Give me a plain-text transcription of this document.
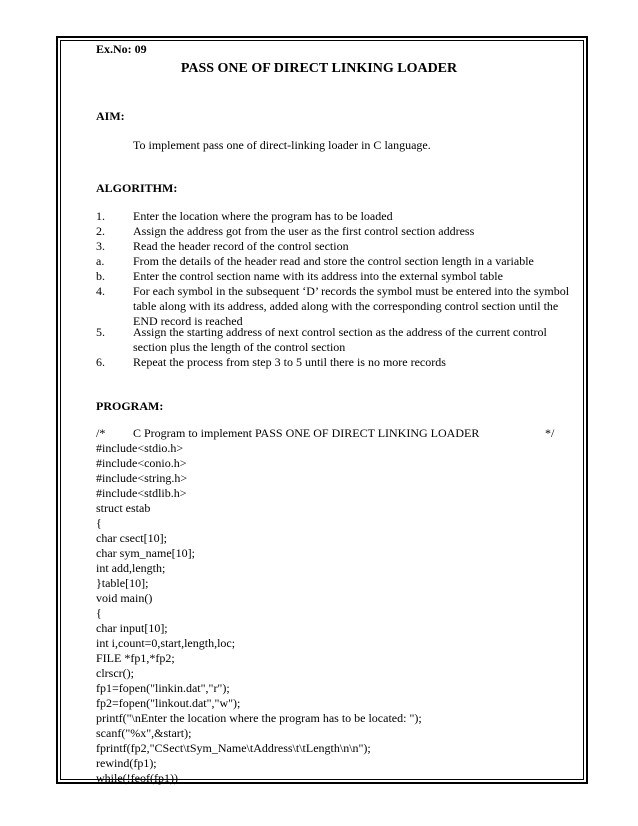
Ex.No: 09
PASS ONE OF DIRECT LINKING LOADER
AIM:
To implement pass one of direct-linking loader in C language.
ALGORITHM:
1. Enter the location where the program has to be loaded
2. Assign the address got from the user as the first control section address
3. Read the header record of the control section
a. From the details of the header read and store the control section length in a variable
b. Enter the control section name with its address into the external symbol table
4. For each symbol in the subsequent ‘D’ records the symbol must be entered into the symbol table along with its address, added along with the corresponding control section until the END record is reached
5. Assign the starting address of next control section as the address of the current control section plus the length of the control section
6. Repeat the process from step 3 to 5 until there is no more records
PROGRAM:
/* C Program to implement PASS ONE OF DIRECT LINKING LOADER	*/
#include<stdio.h>
#include<conio.h>
#include<string.h>
#include<stdlib.h>
struct estab
{
char csect[10];
char sym_name[10];
int add,length;
}table[10];
void main()
{
char input[10];
int i,count=0,start,length,loc;
FILE *fp1,*fp2;
clrscr();
fp1=fopen("linkin.dat","r");
fp2=fopen("linkout.dat","w");
printf("\nEnter the location where the program has to be located: ");
scanf("%x",&start);
fprintf(fp2,"CSect\tSym_Name\tAddress\t\tLength\n\n");
rewind(fp1);
while(!feof(fp1))
